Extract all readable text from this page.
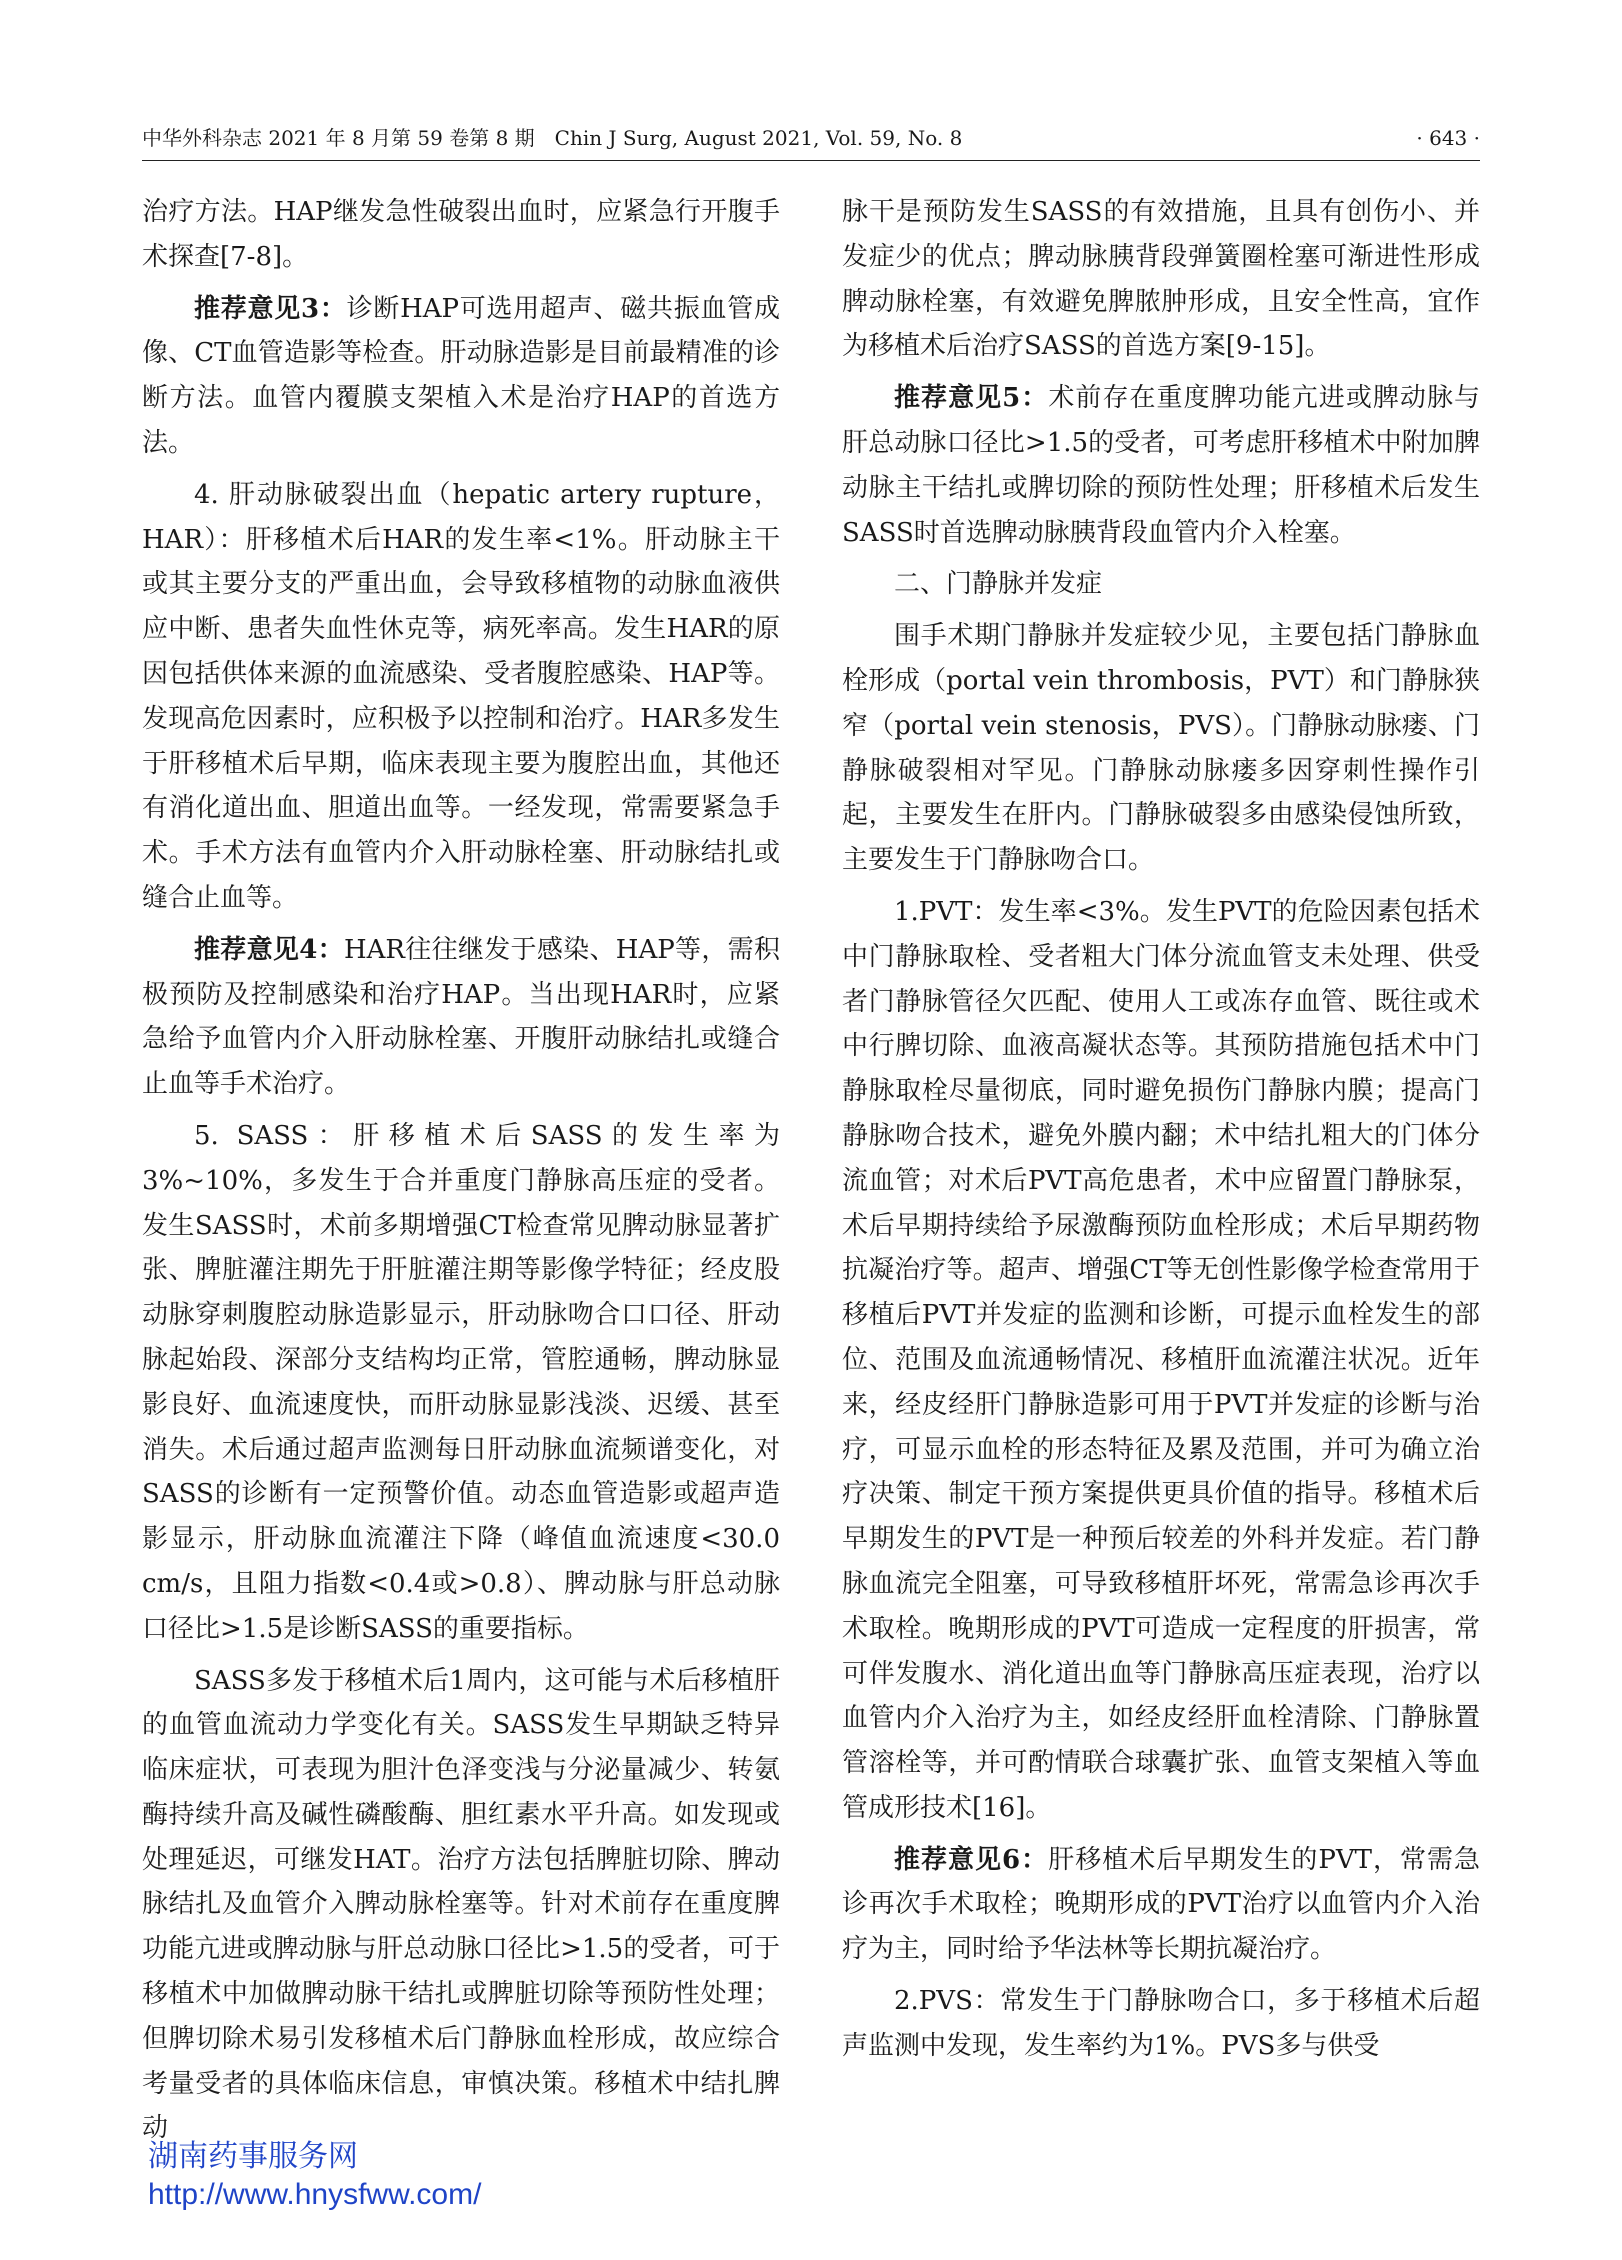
中华外科杂志 2021 年 8 月第 59 卷第 8 期　Chin J Surg, August 2021, Vol. 59, No. 8	· 643 ·

治疗方法。HAP继发急性破裂出血时，应紧急行开腹手术探查[7-8]。

推荐意见3：诊断HAP可选用超声、磁共振血管成像、CT血管造影等检查。肝动脉造影是目前最精准的诊断方法。血管内覆膜支架植入术是治疗HAP的首选方法。

4. 肝动脉破裂出血（hepatic artery rupture，HAR）：肝移植术后HAR的发生率<1%。肝动脉主干或其主要分支的严重出血，会导致移植物的动脉血液供应中断、患者失血性休克等，病死率高。发生HAR的原因包括供体来源的血流感染、受者腹腔感染、HAP等。发现高危因素时，应积极予以控制和治疗。HAR多发生于肝移植术后早期，临床表现主要为腹腔出血，其他还有消化道出血、胆道出血等。一经发现，常需要紧急手术。手术方法有血管内介入肝动脉栓塞、肝动脉结扎或缝合止血等。

推荐意见4：HAR往往继发于感染、HAP等，需积极预防及控制感染和治疗HAP。当出现HAR时，应紧急给予血管内介入肝动脉栓塞、开腹肝动脉结扎或缝合止血等手术治疗。

5. SASS：肝移植术后SASS的发生率为3%~10%，多发生于合并重度门静脉高压症的受者。发生SASS时，术前多期增强CT检查常见脾动脉显著扩张、脾脏灌注期先于肝脏灌注期等影像学特征；经皮股动脉穿刺腹腔动脉造影显示，肝动脉吻合口口径、肝动脉起始段、深部分支结构均正常，管腔通畅，脾动脉显影良好、血流速度快，而肝动脉显影浅淡、迟缓、甚至消失。术后通过超声监测每日肝动脉血流频谱变化，对SASS的诊断有一定预警价值。动态血管造影或超声造影显示，肝动脉血流灌注下降（峰值血流速度<30.0 cm/s，且阻力指数<0.4或>0.8）、脾动脉与肝总动脉口径比>1.5是诊断SASS的重要指标。

SASS多发于移植术后1周内，这可能与术后移植肝的血管血流动力学变化有关。SASS发生早期缺乏特异临床症状，可表现为胆汁色泽变浅与分泌量减少、转氨酶持续升高及碱性磷酸酶、胆红素水平升高。如发现或处理延迟，可继发HAT。治疗方法包括脾脏切除、脾动脉结扎及血管介入脾动脉栓塞等。针对术前存在重度脾功能亢进或脾动脉与肝总动脉口径比>1.5的受者，可于移植术中加做脾动脉干结扎或脾脏切除等预防性处理；但脾切除术易引发移植术后门静脉血栓形成，故应综合考量受者的具体临床信息，审慎决策。移植术中结扎脾动

脉干是预防发生SASS的有效措施，且具有创伤小、并发症少的优点；脾动脉胰背段弹簧圈栓塞可渐进性形成脾动脉栓塞，有效避免脾脓肿形成，且安全性高，宜作为移植术后治疗SASS的首选方案[9-15]。

推荐意见5：术前存在重度脾功能亢进或脾动脉与肝总动脉口径比>1.5的受者，可考虑肝移植术中附加脾动脉主干结扎或脾切除的预防性处理；肝移植术后发生SASS时首选脾动脉胰背段血管内介入栓塞。

二、门静脉并发症

围手术期门静脉并发症较少见，主要包括门静脉血栓形成（portal vein thrombosis，PVT）和门静脉狭窄（portal vein stenosis，PVS）。门静脉动脉瘘、门静脉破裂相对罕见。门静脉动脉瘘多因穿刺性操作引起，主要发生在肝内。门静脉破裂多由感染侵蚀所致，主要发生于门静脉吻合口。

1.PVT：发生率<3%。发生PVT的危险因素包括术中门静脉取栓、受者粗大门体分流血管支未处理、供受者门静脉管径欠匹配、使用人工或冻存血管、既往或术中行脾切除、血液高凝状态等。其预防措施包括术中门静脉取栓尽量彻底，同时避免损伤门静脉内膜；提高门静脉吻合技术，避免外膜内翻；术中结扎粗大的门体分流血管；对术后PVT高危患者，术中应留置门静脉泵，术后早期持续给予尿激酶预防血栓形成；术后早期药物抗凝治疗等。超声、增强CT等无创性影像学检查常用于移植后PVT并发症的监测和诊断，可提示血栓发生的部位、范围及血流通畅情况、移植肝血流灌注状况。近年来，经皮经肝门静脉造影可用于PVT并发症的诊断与治疗，可显示血栓的形态特征及累及范围，并可为确立治疗决策、制定干预方案提供更具价值的指导。移植术后早期发生的PVT是一种预后较差的外科并发症。若门静脉血流完全阻塞，可导致移植肝坏死，常需急诊再次手术取栓。晚期形成的PVT可造成一定程度的肝损害，常可伴发腹水、消化道出血等门静脉高压症表现，治疗以血管内介入治疗为主，如经皮经肝血栓清除、门静脉置管溶栓等，并可酌情联合球囊扩张、血管支架植入等血管成形技术[16]。

推荐意见6：肝移植术后早期发生的PVT，常需急诊再次手术取栓；晚期形成的PVT治疗以血管内介入治疗为主，同时给予华法林等长期抗凝治疗。

2.PVS：常发生于门静脉吻合口，多于移植术后超声监测中发现，发生率约为1%。PVS多与供受

湖南药事服务网
http://www.hnysfww.com/
